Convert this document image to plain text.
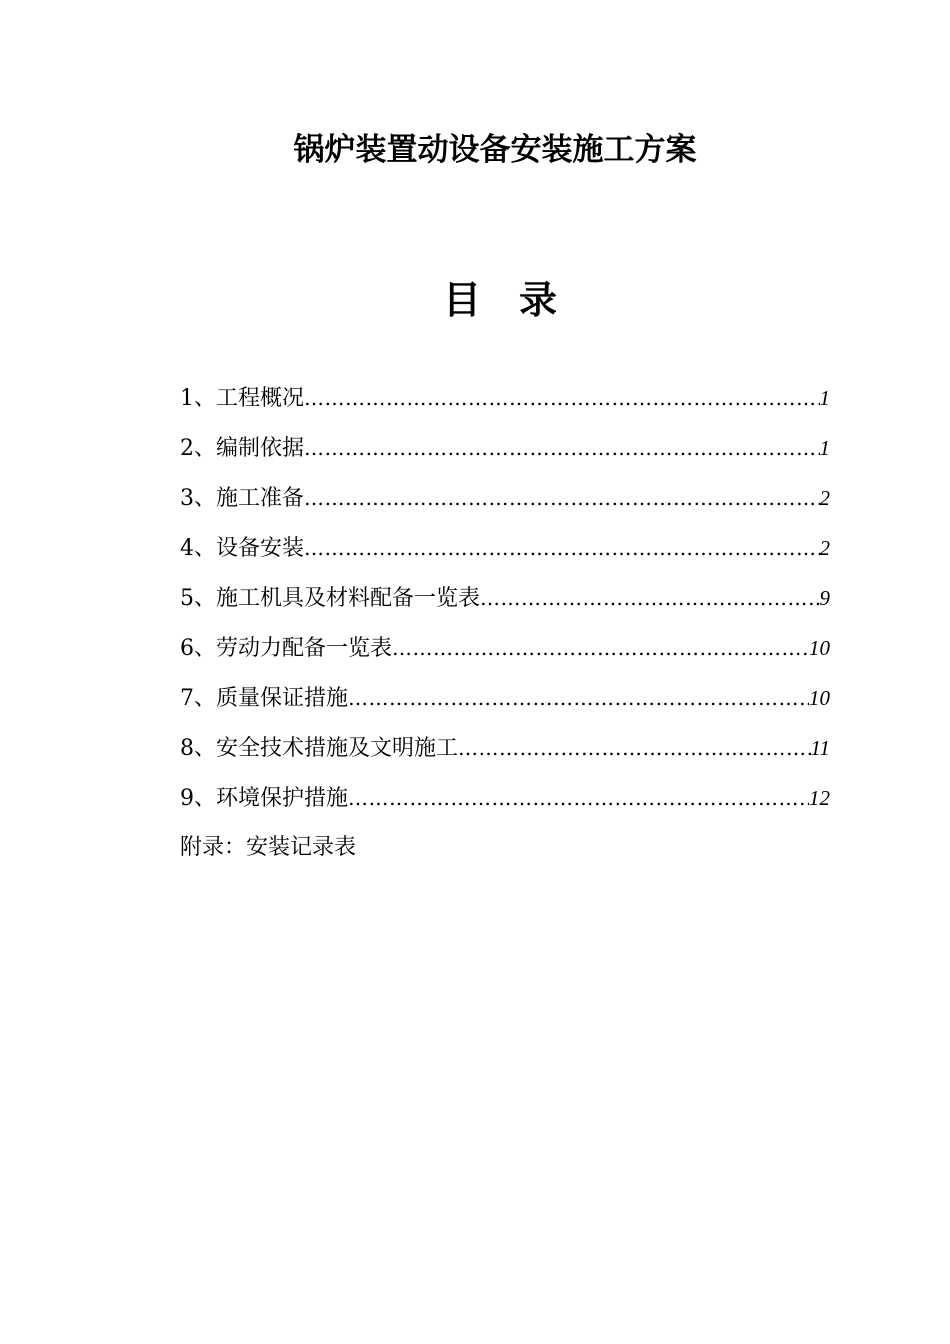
锅炉装置动设备安装施工方案
目 录
1、工程概况 ………………………………………………………………………………………………………………………………	1
2、编制依据 ………………………………………………………………………………………………………………………………	1
3、施工准备 ………………………………………………………………………………………………………………………………	2
4、设备安装 ………………………………………………………………………………………………………………………………	2
5、施工机具及材料配备一览表 ………………………………………………………………………………………………………………………………	9
6、劳动力配备一览表 ………………………………………………………………………………………………………………………………	10
7、质量保证措施 ………………………………………………………………………………………………………………………………	10
8、安全技术措施及文明施工 ………………………………………………………………………………………………………………………………	11
9、环境保护措施 ………………………………………………………………………………………………………………………………	12

附录：安装记录表
